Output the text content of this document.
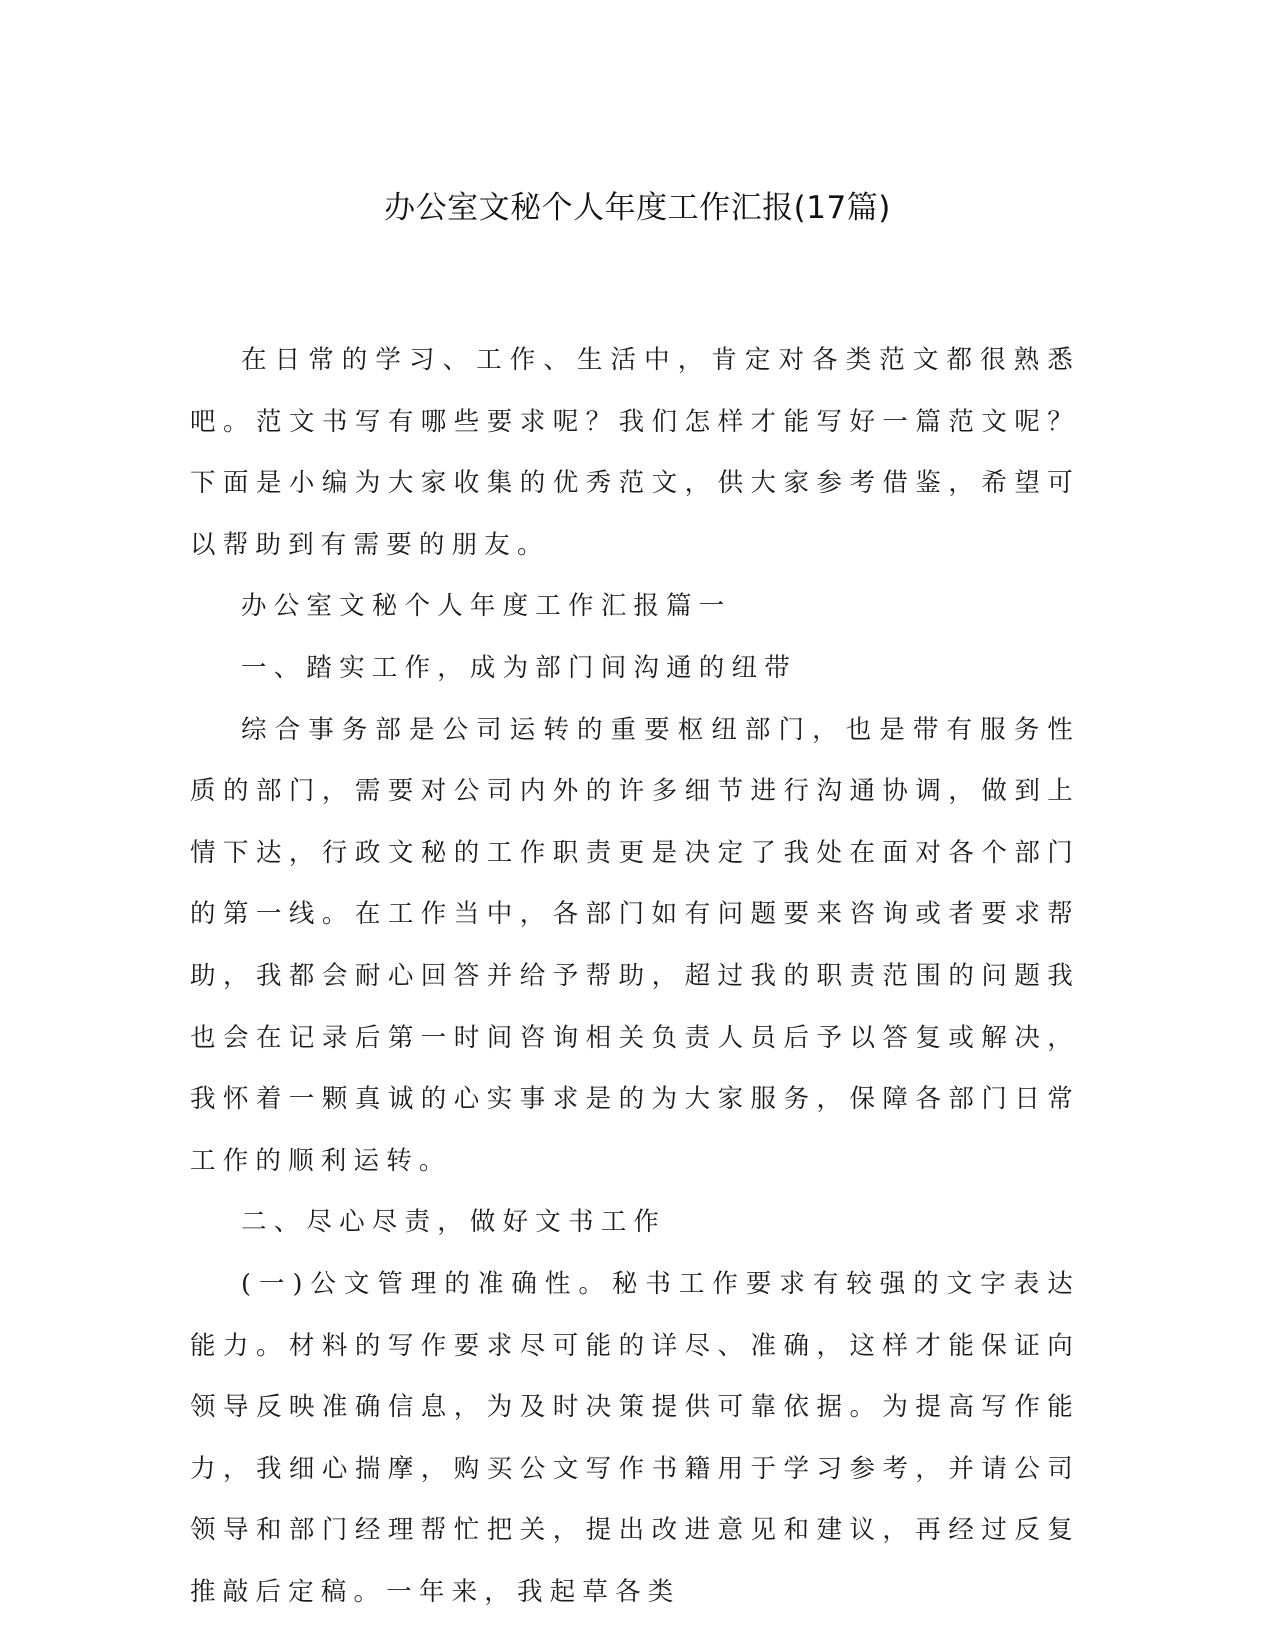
办公室文秘个人年度工作汇报(17篇)

在日常的学习、工作、生活中，肯定对各类范文都很熟悉吧。范文书写有哪些要求呢？我们怎样才能写好一篇范文呢？下面是小编为大家收集的优秀范文，供大家参考借鉴，希望可以帮助到有需要的朋友。

办公室文秘个人年度工作汇报篇一

一、踏实工作，成为部门间沟通的纽带

综合事务部是公司运转的重要枢纽部门，也是带有服务性质的部门，需要对公司内外的许多细节进行沟通协调，做到上情下达，行政文秘的工作职责更是决定了我处在面对各个部门的第一线。在工作当中，各部门如有问题要来咨询或者要求帮助，我都会耐心回答并给予帮助，超过我的职责范围的问题我也会在记录后第一时间咨询相关负责人员后予以答复或解决，我怀着一颗真诚的心实事求是的为大家服务，保障各部门日常工作的顺利运转。

二、尽心尽责，做好文书工作

(一)公文管理的准确性。秘书工作要求有较强的文字表达能力。材料的写作要求尽可能的详尽、准确，这样才能保证向领导反映准确信息，为及时决策提供可靠依据。为提高写作能力，我细心揣摩，购买公文写作书籍用于学习参考，并请公司领导和部门经理帮忙把关，提出改进意见和建议，再经过反复推敲后定稿。一年来，我起草各类
